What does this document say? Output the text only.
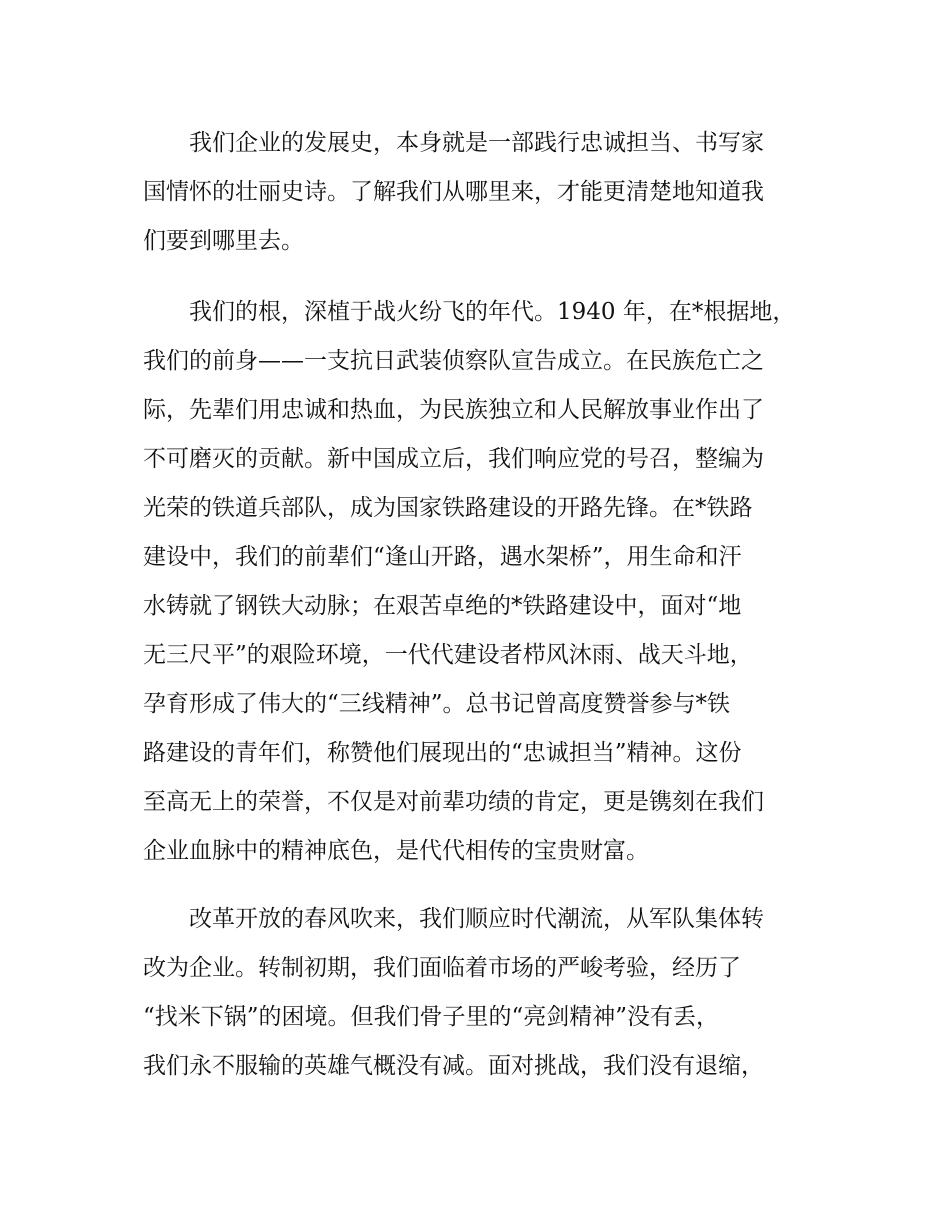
我们企业的发展史，本身就是一部践行忠诚担当、书写家
国情怀的壮丽史诗。了解我们从哪里来，才能更清楚地知道我
们要到哪里去。
我们的根，深植于战火纷飞的年代。1940 年，在*根据地，
我们的前身——一支抗日武装侦察队宣告成立。在民族危亡之
际，先辈们用忠诚和热血，为民族独立和人民解放事业作出了
不可磨灭的贡献。新中国成立后，我们响应党的号召，整编为
光荣的铁道兵部队，成为国家铁路建设的开路先锋。在*铁路
建设中，我们的前辈们“逢山开路，遇水架桥”，用生命和汗
水铸就了钢铁大动脉；在艰苦卓绝的*铁路建设中，面对“地
无三尺平”的艰险环境，一代代建设者栉风沐雨、战天斗地，
孕育形成了伟大的“三线精神”。总书记曾高度赞誉参与*铁
路建设的青年们，称赞他们展现出的“忠诚担当”精神。这份
至高无上的荣誉，不仅是对前辈功绩的肯定，更是镌刻在我们
企业血脉中的精神底色，是代代相传的宝贵财富。
改革开放的春风吹来，我们顺应时代潮流，从军队集体转
改为企业。转制初期，我们面临着市场的严峻考验，经历了
“找米下锅”的困境。但我们骨子里的“亮剑精神”没有丢，
我们永不服输的英雄气概没有减。面对挑战，我们没有退缩，
